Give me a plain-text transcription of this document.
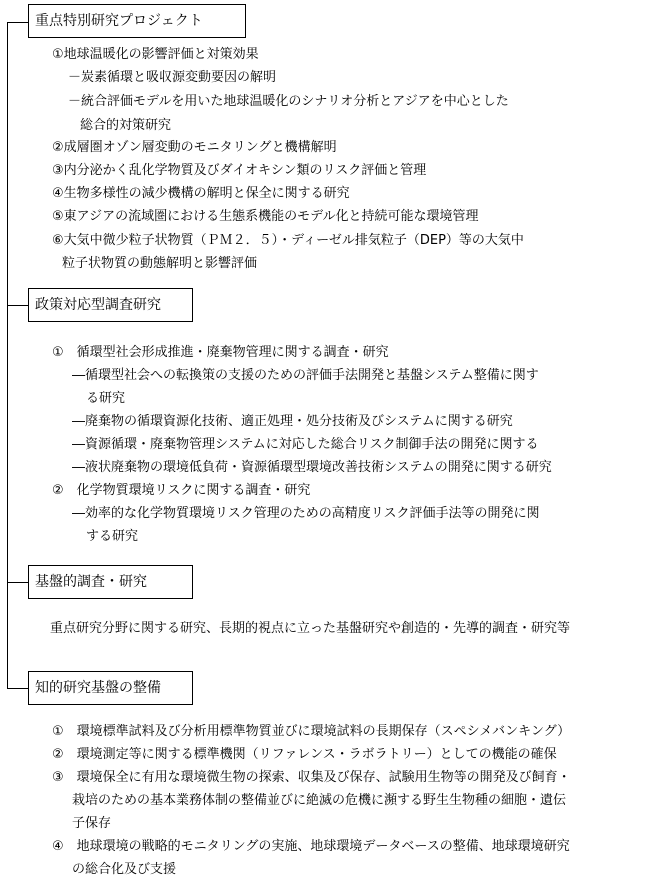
重点特別研究プロジェクト
①地球温暖化の影響評価と対策効果
－炭素循環と吸収源変動要因の解明
－統合評価モデルを用いた地球温暖化のシナリオ分析とアジアを中心とした
総合的対策研究
②成層圏オゾン層変動のモニタリングと機構解明
③内分泌かく乱化学物質及びダイオキシン類のリスク評価と管理
④生物多様性の減少機構の解明と保全に関する研究
⑤東アジアの流域圏における生態系機能のモデル化と持続可能な環境管理
⑥大気中微少粒子状物質（ＰＭ２．５）・ディーゼル排気粒子（DEP）等の大気中
粒子状物質の動態解明と影響評価
政策対応型調査研究
①　循環型社会形成推進・廃棄物管理に関する調査・研究
―循環型社会への転換策の支援のための評価手法開発と基盤システム整備に関す
る研究
―廃棄物の循環資源化技術、適正処理・処分技術及びシステムに関する研究
―資源循環・廃棄物管理システムに対応した総合リスク制御手法の開発に関する
―液状廃棄物の環境低負荷・資源循環型環境改善技術システムの開発に関する研究
②　化学物質環境リスクに関する調査・研究
―効率的な化学物質環境リスク管理のための高精度リスク評価手法等の開発に関
する研究
基盤的調査・研究
重点研究分野に関する研究、長期的視点に立った基盤研究や創造的・先導的調査・研究等
知的研究基盤の整備
①　環境標準試料及び分析用標準物質並びに環境試料の長期保存（スペシメバンキング）
②　環境測定等に関する標準機関（リファレンス・ラボラトリー）としての機能の確保
③　環境保全に有用な環境微生物の探索、収集及び保存、試験用生物等の開発及び飼育・
栽培のための基本業務体制の整備並びに絶滅の危機に瀕する野生生物種の細胞・遺伝
子保存
④　地球環境の戦略的モニタリングの実施、地球環境データベースの整備、地球環境研究
の総合化及び支援
